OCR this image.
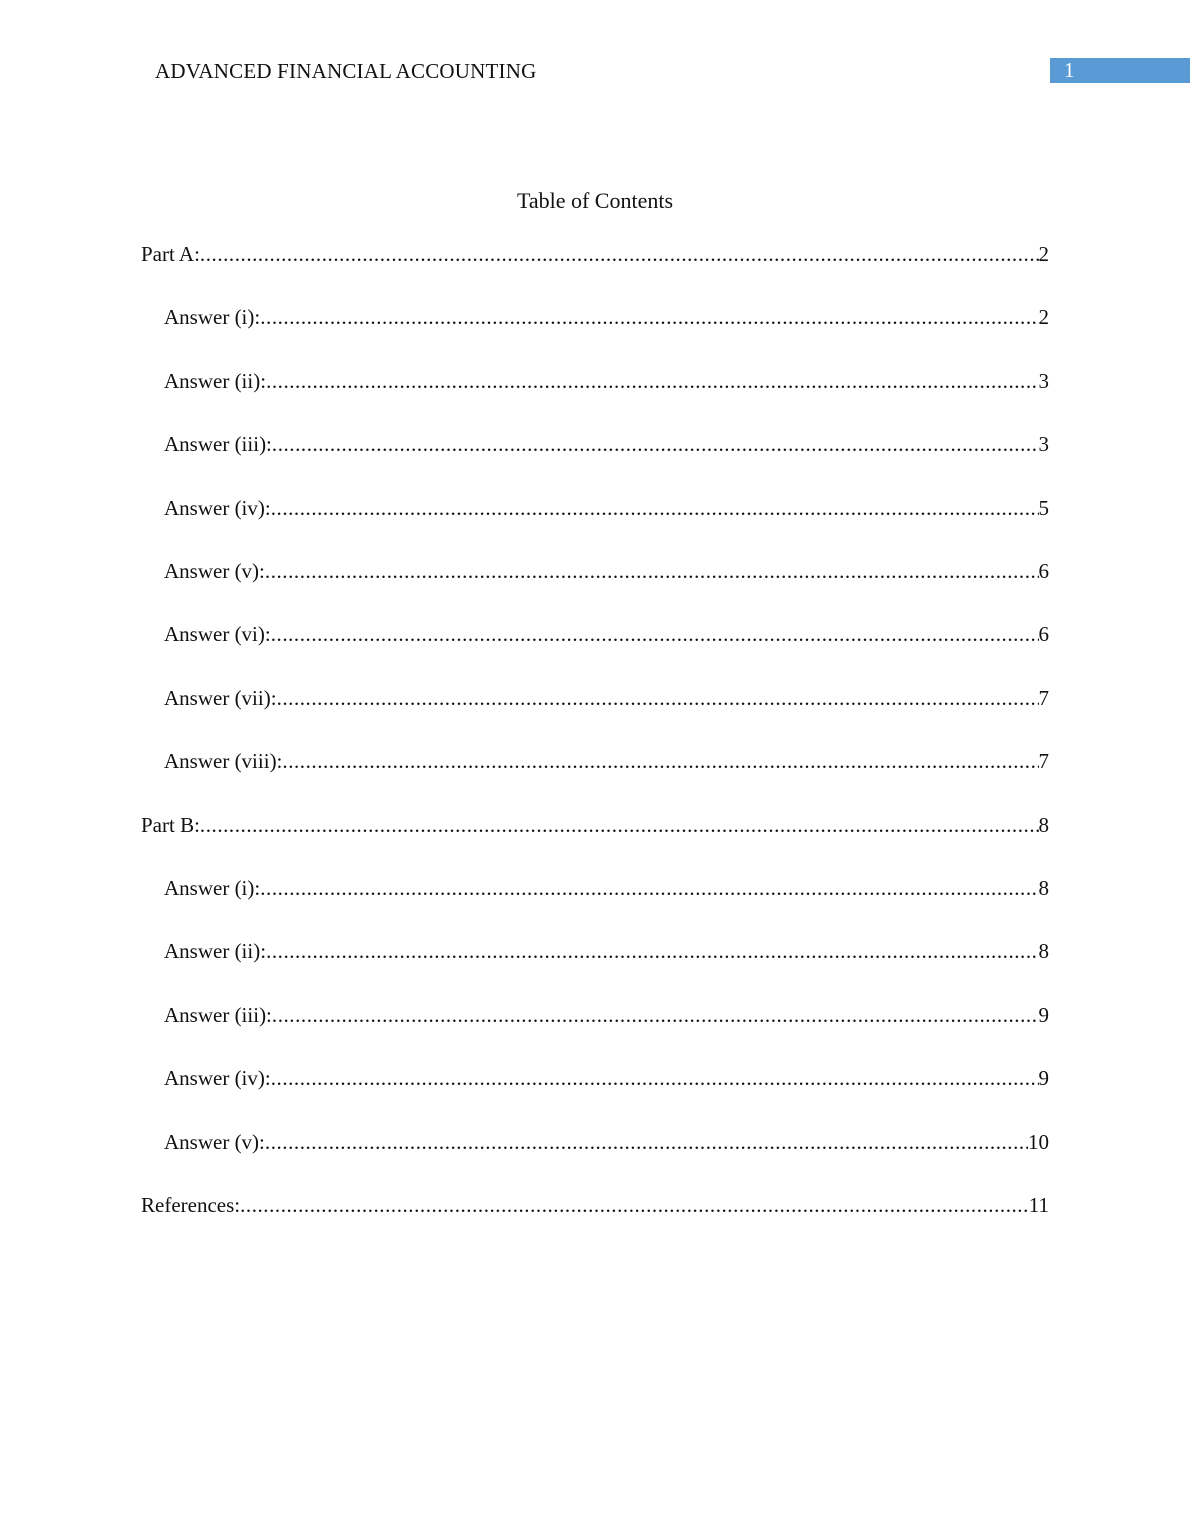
ADVANCED FINANCIAL ACCOUNTING	1
Table of Contents
Part A: .....	2
Answer (i): .....	2
Answer (ii): .....	3
Answer (iii): .....	3
Answer (iv): .....	5
Answer (v): .....	6
Answer (vi): .....	6
Answer (vii): .....	7
Answer (viii): .....	7
Part B: .....	8
Answer (i): .....	8
Answer (ii): .....	8
Answer (iii): .....	9
Answer (iv): .....	9
Answer (v): .....	10
References: .....	11
